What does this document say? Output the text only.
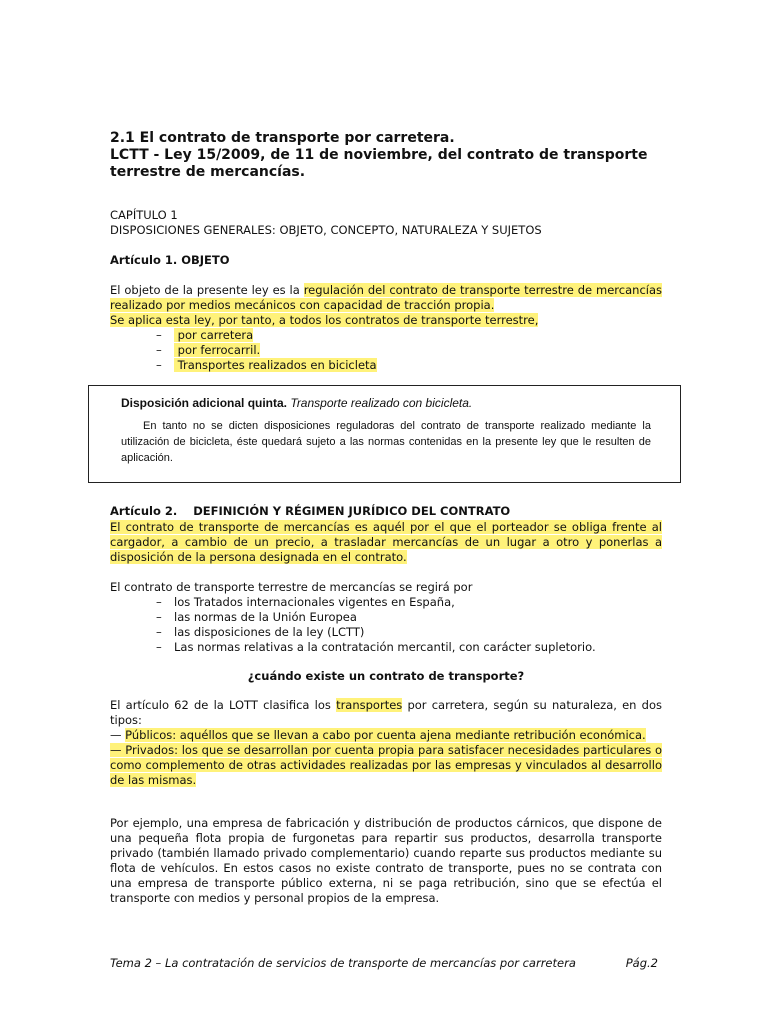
2.1 El contrato de transporte por carretera.
LCTT - Ley 15/2009, de 11 de noviembre, del contrato de transporte terrestre de mercancías.
CAPÍTULO 1
DISPOSICIONES GENERALES: OBJETO, CONCEPTO, NATURALEZA Y SUJETOS
Artículo 1. OBJETO
El objeto de la presente ley es la regulación del contrato de transporte terrestre de mercancías realizado por medios mecánicos con capacidad de tracción propia.
Se aplica esta ley, por tanto, a todos los contratos de transporte terrestre,
– por carretera
– por ferrocarril.
– Transportes realizados en bicicleta
Disposición adicional quinta. Transporte realizado con bicicleta.
En tanto no se dicten disposiciones reguladoras del contrato de transporte realizado mediante la utilización de bicicleta, éste quedará sujeto a las normas contenidas en la presente ley que le resulten de aplicación.
Artículo 2.    DEFINICIÓN Y RÉGIMEN JURÍDICO DEL CONTRATO
El contrato de transporte de mercancías es aquél por el que el porteador se obliga frente al cargador, a cambio de un precio, a trasladar mercancías de un lugar a otro y ponerlas a disposición de la persona designada en el contrato.
El contrato de transporte terrestre de mercancías se regirá por
– los Tratados internacionales vigentes en España,
– las normas de la Unión Europea
– las disposiciones de la ley (LCTT)
– Las normas relativas a la contratación mercantil, con carácter supletorio.
¿cuándo existe un contrato de transporte?
El artículo 62 de la LOTT clasifica los transportes por carretera, según su naturaleza, en dos tipos:
— Públicos: aquéllos que se llevan a cabo por cuenta ajena mediante retribución económica.
— Privados: los que se desarrollan por cuenta propia para satisfacer necesidades particulares o como complemento de otras actividades realizadas por las empresas y vinculados al desarrollo de las mismas.
Por ejemplo, una empresa de fabricación y distribución de productos cárnicos, que dispone de una pequeña flota propia de furgonetas para repartir sus productos, desarrolla transporte privado (también llamado privado complementario) cuando reparte sus productos mediante su flota de vehículos. En estos casos no existe contrato de transporte, pues no se contrata con una empresa de transporte público externa, ni se paga retribución, sino que se efectúa el transporte con medios y personal propios de la empresa.
Tema 2 – La contratación de servicios de transporte de mercancías por carretera	Pág.2
